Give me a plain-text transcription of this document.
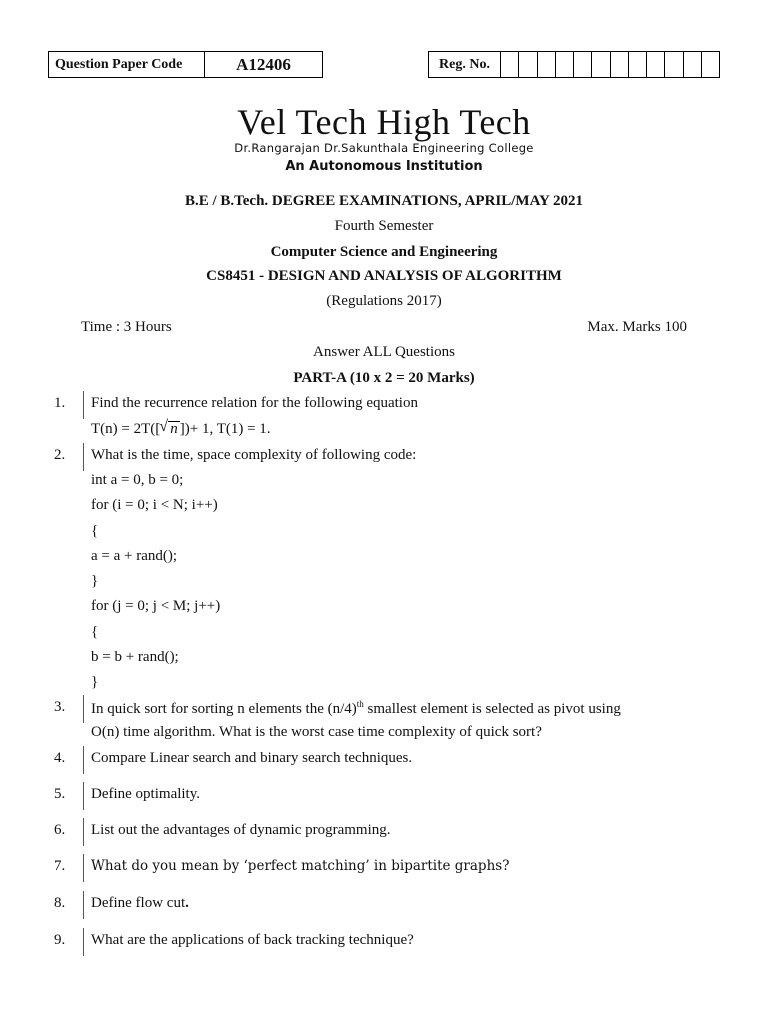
Question Paper Code	A12406	Reg. No.
Vel Tech High Tech
Dr.Rangarajan Dr.Sakunthala Engineering College
An Autonomous Institution
B.E / B.Tech. DEGREE EXAMINATIONS, APRIL/MAY 2021
Fourth Semester
Computer Science and Engineering
CS8451 - DESIGN AND ANALYSIS OF ALGORITHM
(Regulations 2017)
Time : 3 Hours	Max. Marks 100
Answer ALL Questions
PART-A (10 x 2 = 20 Marks)
1. Find the recurrence relation for the following equation
T(n) = 2T([√ n ])+ 1, T(1) = 1.
2. What is the time, space complexity of following code:
int a = 0, b = 0;
for (i = 0; i < N; i++)
{
a = a + rand();
}
for (j = 0; j < M; j++)
{
b = b + rand();
}
3. In quick sort for sorting n elements the $(n/4)^{th}$ smallest element is selected as pivot using
O(n) time algorithm. What is the worst case time complexity of quick sort?
4. Compare Linear search and binary search techniques.
5. Define optimality.
6. List out the advantages of dynamic programming.
7. What do you mean by ‘perfect matching’ in bipartite graphs?
8. Define flow cut.
9. What are the applications of back tracking technique?
